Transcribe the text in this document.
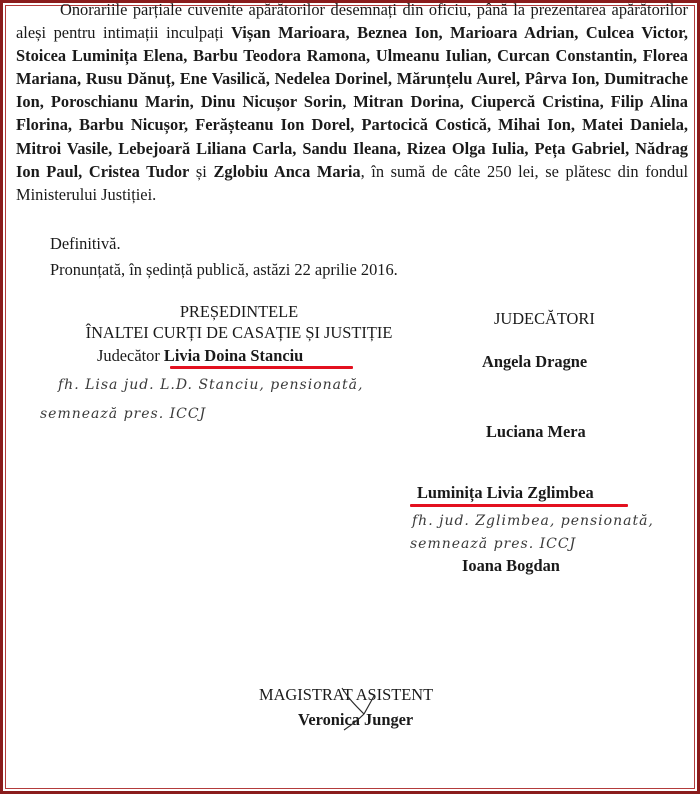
Onorariile parțiale cuvenite apărătorilor desemnați din oficiu, până la prezentarea apărătorilor aleși pentru intimații inculpați Vișan Marioara, Beznea Ion, Marioara Adrian, Culcea Victor, Stoicea Luminița Elena, Barbu Teodora Ramona, Ulmeanu Iulian, Curcan Constantin, Florea Mariana, Rusu Dănuț, Ene Vasilică, Nedelea Dorinel, Mărunțelu Aurel, Pârva Ion, Dumitrache Ion, Poroschianu Marin, Dinu Nicușor Sorin, Mitran Dorina, Ciupercă Cristina, Filip Alina Florina, Barbu Nicușor, Ferășteanu Ion Dorel, Partocică Costică, Mihai Ion, Matei Daniela, Mitroi Vasile, Lebejoară Liliana Carla, Sandu Ileana, Rizea Olga Iulia, Peța Gabriel, Nădrag Ion Paul, Cristea Tudor și Zglobiu Anca Maria, în sumă de câte 250 lei, se plătesc din fondul Ministerului Justiției.

Definitivă.

Pronunțată, în ședință publică, astăzi 22 aprilie 2016.

PREȘEDINTELE

ÎNALTEI CURȚI DE CASAȚIE ȘI JUSTIȚIE

Judecător Livia Doina Stanciu

fh. Lisa jud. L.D. Stanciu, pensionată,
semnează pres. ICCJ

JUDECĂTORI

Angela Dragne

Luciana Mera

Luminița Livia Zglimbea

fh. jud. Zglimbea, pensionată,
semnează pres. ICCJ

Ioana Bogdan

MAGISTRAT ASISTENT

Veronica Junger
